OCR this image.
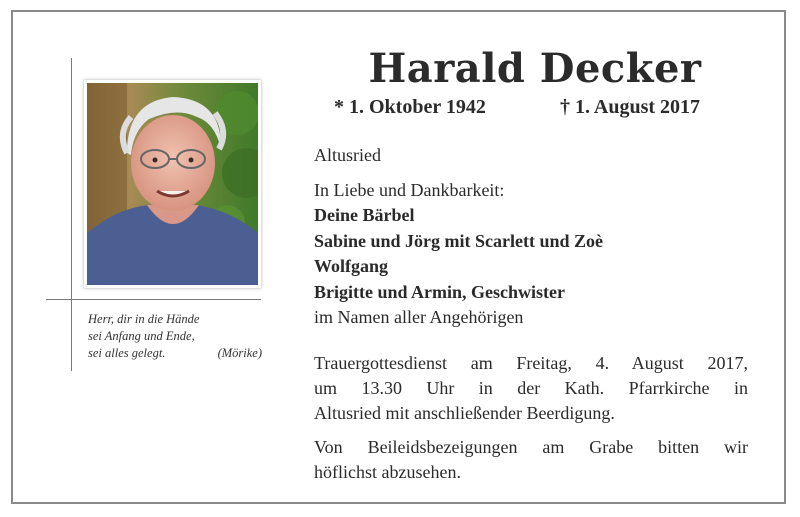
Herr, dir in die Hände
sei Anfang und Ende,
sei alles gelegt.	(Mörike)
Harald Decker
* 1. Oktober 1942	† 1. August 2017
Altusried
In Liebe und Dankbarkeit:
Deine Bärbel
Sabine und Jörg mit Scarlett und Zoè
Wolfgang
Brigitte und Armin, Geschwister
im Namen aller Angehörigen
Trauergottesdienst am Freitag, 4. August 2017,
um 13.30 Uhr in der Kath. Pfarrkirche in
Altusried mit anschließender Beerdigung.
Von Beileidsbezeigungen am Grabe bitten wir
höflichst abzusehen.
